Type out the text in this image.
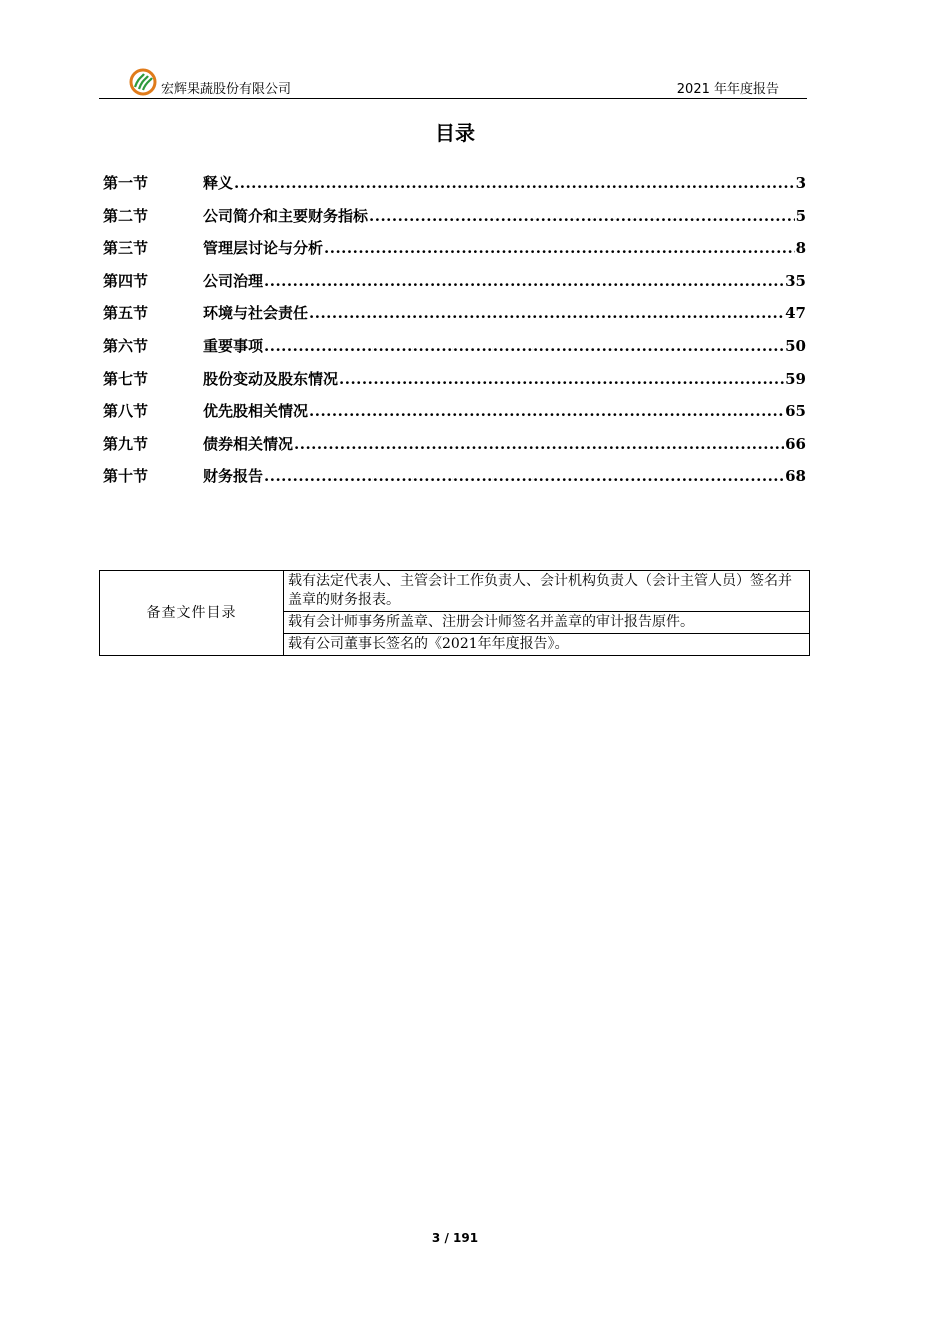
宏辉果蔬股份有限公司	2021 年年度报告
目录
第一节	释义 .....	3
第二节	公司简介和主要财务指标 .....	5
第三节	管理层讨论与分析 .....	8
第四节	公司治理 .....	35
第五节	环境与社会责任 .....	47
第六节	重要事项 .....	50
第七节	股份变动及股东情况 .....	59
第八节	优先股相关情况 .....	65
第九节	债券相关情况 .....	66
第十节	财务报告 .....	68
备查文件目录	载有法定代表人、主管会计工作负责人、会计机构负责人（会计主管人员）签名并盖章的财务报表。
载有会计师事务所盖章、注册会计师签名并盖章的审计报告原件。
载有公司董事长签名的《2021年年度报告》。
3 / 191
